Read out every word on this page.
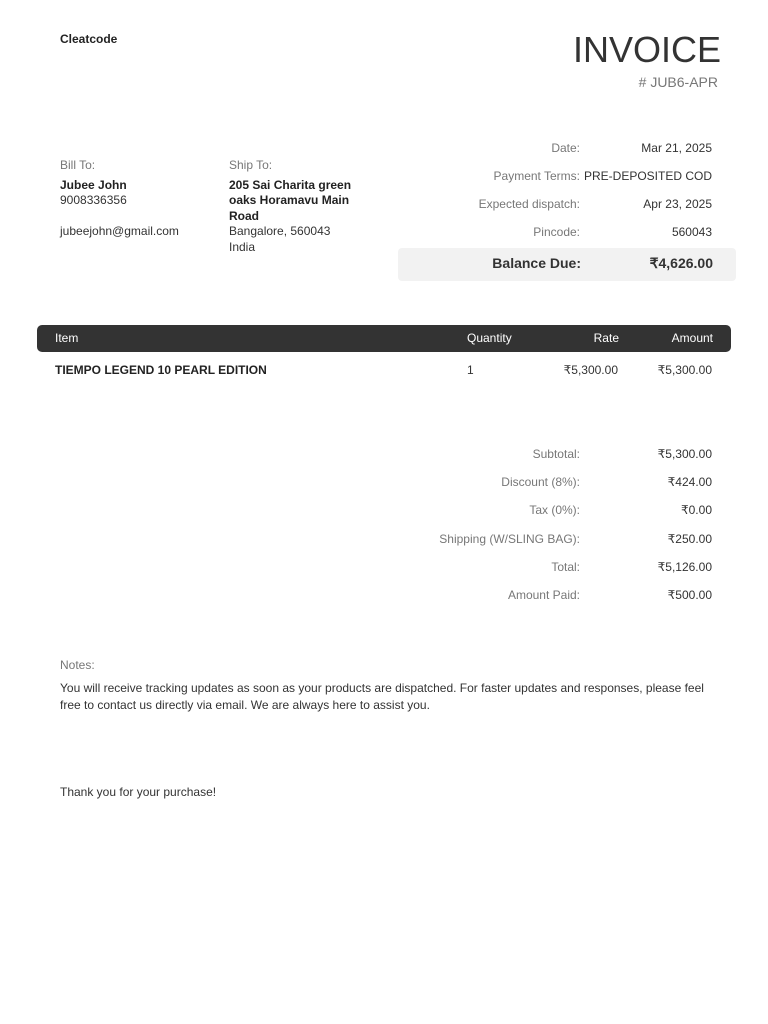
Cleatcode	INVOICE
# JUB6-APR
Bill To:
Jubee John
9008336356
jubeejohn@gmail.com
Ship To:
205 Sai Charita green
oaks Horamavu Main
Road
Bangalore, 560043
India
Date:	Mar 21, 2025
Payment Terms: PRE-DEPOSITED COD
Expected dispatch:	Apr 23, 2025
Pincode:	560043
Balance Due:	₹4,626.00
Item	Quantity	Rate	Amount
TIEMPO LEGEND 10 PEARL EDITION	1	₹5,300.00	₹5,300.00
Subtotal:	₹5,300.00
Discount (8%):	₹424.00
Tax (0%):	₹0.00
Shipping (W/SLING BAG):	₹250.00
Total:	₹5,126.00
Amount Paid:	₹500.00
Notes:
You will receive tracking updates as soon as your products are dispatched. For faster updates and responses, please feel free to contact us directly via email. We are always here to assist you.
Thank you for your purchase!
